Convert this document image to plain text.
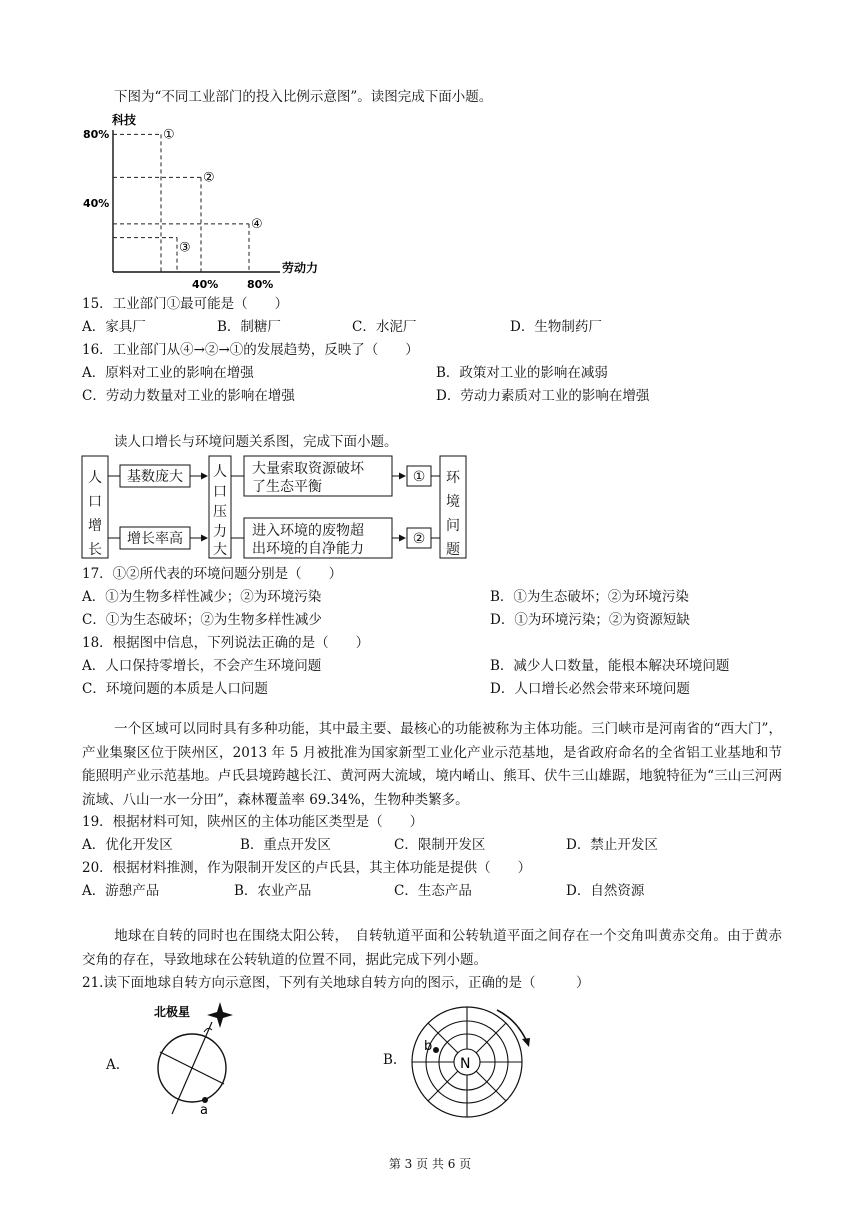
下图为“不同工业部门的投入比例示意图”。读图完成下面小题。
科技
80%
40%
劳动力
40%	80%
①
②
③
④
15．工业部门①最可能是（　　）
A．家具厂	B．制糖厂	C．水泥厂	D．生物制药厂
16．工业部门从④→②→①的发展趋势，反映了（　　）
A．原料对工业的影响在增强	B．政策对工业的影响在减弱
C．劳动力数量对工业的影响在增强	D．劳动力素质对工业的影响在增强
读人口增长与环境问题关系图，完成下面小题。
人
口
增
长
基数庞大
增长率高
人
口
压
力
大
大量索取资源破坏
了生态平衡
进入环境的废物超
出环境的自净能力
①
②
环
境
问
题
17．①②所代表的环境问题分别是（　　）
A．①为生物多样性减少；②为环境污染	B．①为生态破坏；②为环境污染
C．①为生态破坏；②为生物多样性减少	D．①为环境污染；②为资源短缺
18．根据图中信息，下列说法正确的是（　　）
A．人口保持零增长，不会产生环境问题	B．减少人口数量，能根本解决环境问题
C．环境问题的本质是人口问题	D．人口增长必然会带来环境问题
一个区域可以同时具有多种功能，其中最主要、最核心的功能被称为主体功能。三门峡市是河南省的“西大门”，产业集聚区位于陕州区，2013 年 5 月被批准为国家新型工业化产业示范基地，是省政府命名的全省铝工业基地和节能照明产业示范基地。卢氏县境跨越长江、黄河两大流域，境内崤山、熊耳、伏牛三山雄踞，地貌特征为“三山三河两流域、八山一水一分田”，森林覆盖率 69.34%，生物种类繁多。
19．根据材料可知，陕州区的主体功能区类型是（　　）
A．优化开发区	B．重点开发区	C．限制开发区	D．禁止开发区
20．根据材料推测，作为限制开发区的卢氏县，其主体功能是提供（　　）
A．游憩产品	B．农业产品	C．生态产品	D．自然资源
地球在自转的同时也在围绕太阳公转，　自转轨道平面和公转轨道平面之间存在一个交角叫黄赤交角。由于黄赤交角的存在，导致地球在公转轨道的位置不同，据此完成下列小题。
21.读下面地球自转方向示意图，下列有关地球自转方向的图示，正确的是（　　　）
A.
北极星
a
B.	N
b
第 3 页 共 6 页
